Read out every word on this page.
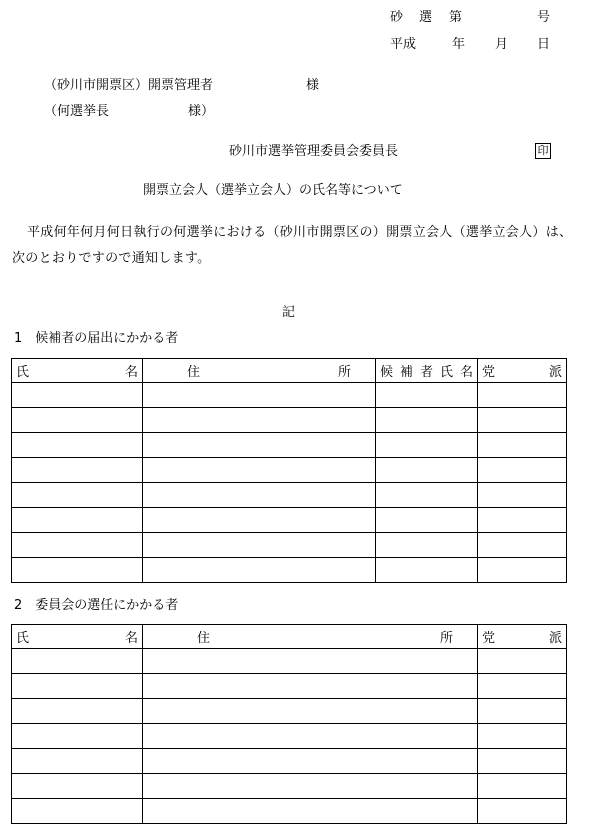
砂 選 第	号
平成	年 月 日
（砂川市開票区）開票管理者	様
（何選挙長	様）
砂川市選挙管理委員会委員長	印
開票立会人（選挙立会人）の氏名等について
平成何年何月何日執行の何選挙における（砂川市開票区の）開票立会人（選挙立会人）は、次のとおりですので通知します。
記
1　候補者の届出にかかる者
氏 名	住 所	候 補 者 氏 名	党 派

2　委員会の選任にかかる者
氏 名	住 所	党 派
